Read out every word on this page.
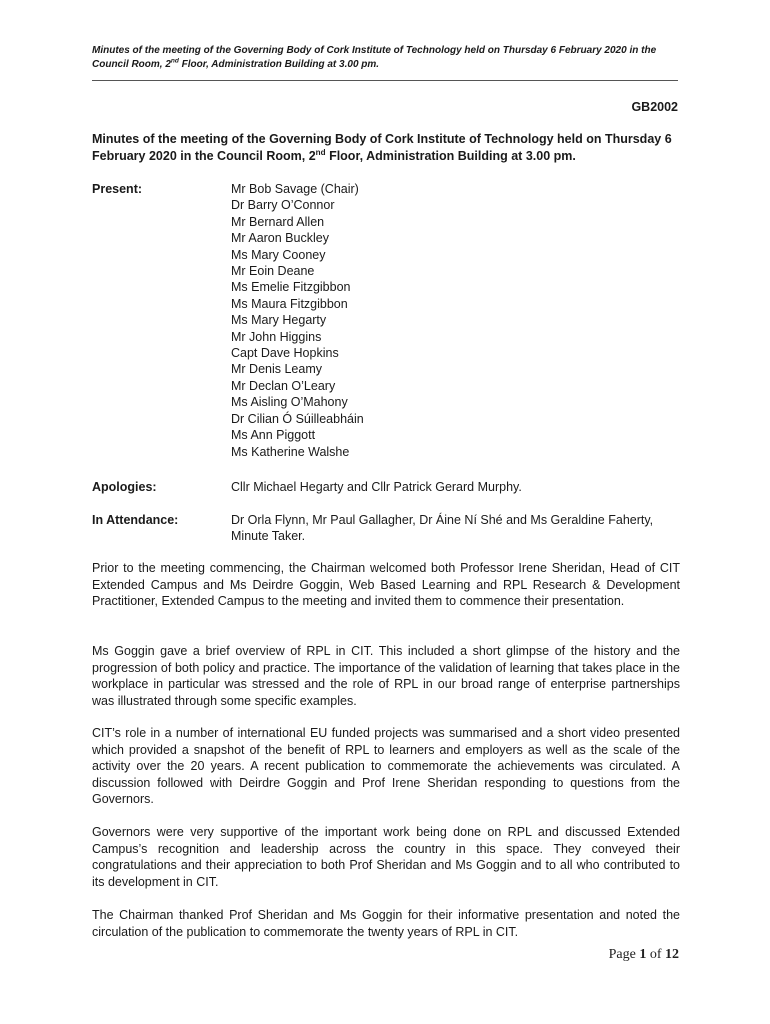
Minutes of the meeting of the Governing Body of Cork Institute of Technology held on Thursday 6 February 2020 in the Council Room, 2nd Floor, Administration Building at 3.00 pm.
GB2002
Minutes of the meeting of the Governing Body of Cork Institute of Technology held on Thursday 6 February 2020 in the Council Room, 2nd Floor, Administration Building at 3.00 pm.
Present:	Mr Bob Savage (Chair)
Dr Barry O’Connor
Mr Bernard Allen
Mr Aaron Buckley
Ms Mary Cooney
Mr Eoin Deane
Ms Emelie Fitzgibbon
Ms Maura Fitzgibbon
Ms Mary Hegarty
Mr John Higgins
Capt Dave Hopkins
Mr Denis Leamy
Mr Declan O’Leary
Ms Aisling O’Mahony
Dr Cilian Ó Súilleabháin
Ms Ann Piggott
Ms Katherine Walshe
Apologies:	Cllr Michael Hegarty and Cllr Patrick Gerard Murphy.
In Attendance:	Dr Orla Flynn, Mr Paul Gallagher, Dr Áine Ní Shé and Ms Geraldine Faherty, Minute Taker.

Prior to the meeting commencing, the Chairman welcomed both Professor Irene Sheridan, Head of CIT Extended Campus and Ms Deirdre Goggin, Web Based Learning and RPL Research & Development Practitioner, Extended Campus to the meeting and invited them to commence their presentation.

Ms Goggin gave a brief overview of RPL in CIT. This included a short glimpse of the history and the progression of both policy and practice. The importance of the validation of learning that takes place in the workplace in particular was stressed and the role of RPL in our broad range of enterprise partnerships was illustrated through some specific examples.

CIT’s role in a number of international EU funded projects was summarised and a short video presented which provided a snapshot of the benefit of RPL to learners and employers as well as the scale of the activity over the 20 years. A recent publication to commemorate the achievements was circulated. A discussion followed with Deirdre Goggin and Prof Irene Sheridan responding to questions from the Governors.

Governors were very supportive of the important work being done on RPL and discussed Extended Campus’s recognition and leadership across the country in this space. They conveyed their congratulations and their appreciation to both Prof Sheridan and Ms Goggin and to all who contributed to its development in CIT.

The Chairman thanked Prof Sheridan and Ms Goggin for their informative presentation and noted the circulation of the publication to commemorate the twenty years of RPL in CIT.

Page 1 of 12
